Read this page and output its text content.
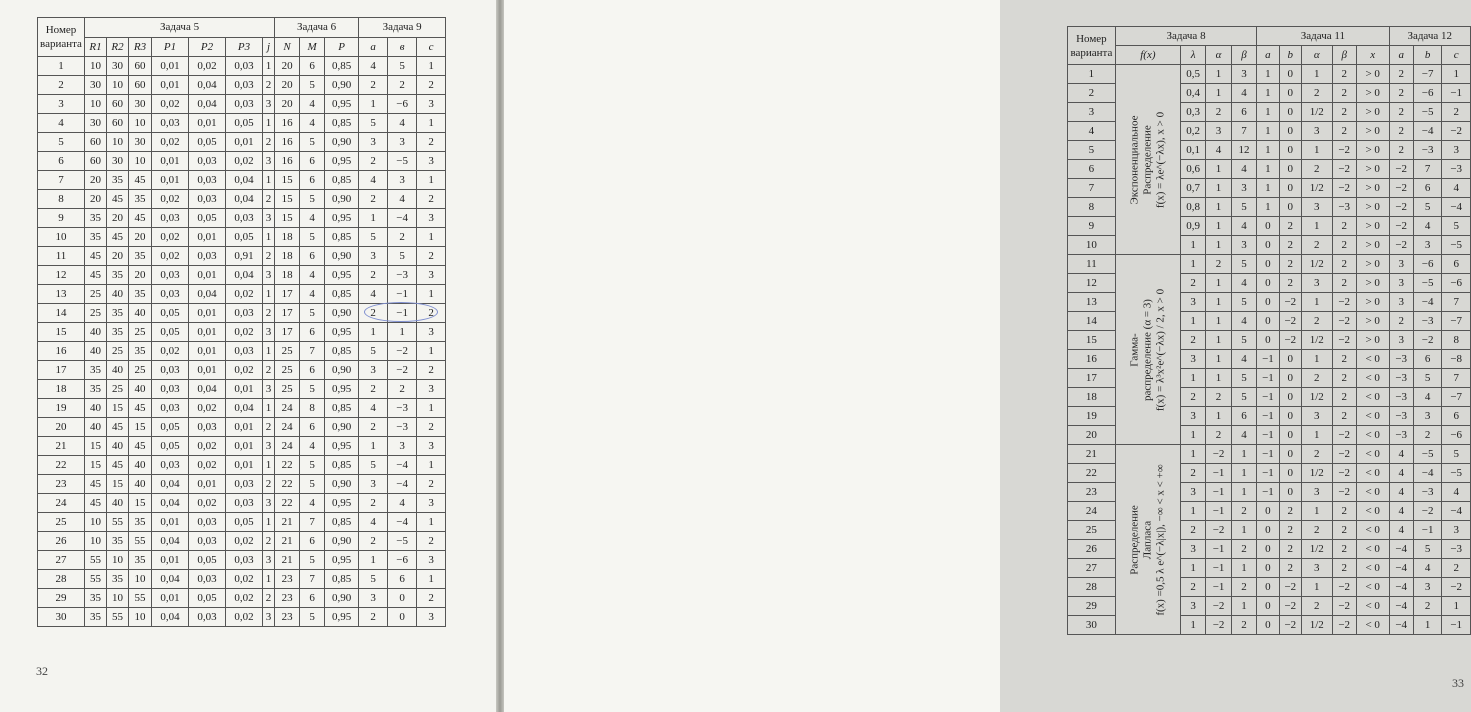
Номер варианта	Задача 5							Задача 6			Задача 9		
	R1	R2	R3	P1	P2	P3	j	N	M	P	a	в	c
1	10	30	60	0,01	0,02	0,03	1	20	6	0,85	4	5	1
2	30	10	60	0,01	0,04	0,03	2	20	5	0,90	2	2	2
3	10	60	30	0,02	0,04	0,03	3	20	4	0,95	1	−6	3
4	30	60	10	0,03	0,01	0,05	1	16	4	0,85	5	4	1
5	60	10	30	0,02	0,05	0,01	2	16	5	0,90	3	3	2
6	60	30	10	0,01	0,03	0,02	3	16	6	0,95	2	−5	3
7	20	35	45	0,01	0,03	0,04	1	15	6	0,85	4	3	1
8	20	45	35	0,02	0,03	0,04	2	15	5	0,90	2	4	2
9	35	20	45	0,03	0,05	0,03	3	15	4	0,95	1	−4	3
10	35	45	20	0,02	0,01	0,05	1	18	5	0,85	5	2	1
11	45	20	35	0,02	0,03	0,91	2	18	6	0,90	3	5	2
12	45	35	20	0,03	0,01	0,04	3	18	4	0,95	2	−3	3
13	25	40	35	0,03	0,04	0,02	1	17	4	0,85	4	−1	1
14	25	35	40	0,05	0,01	0,03	2	17	5	0,90	2	−1	2
15	40	35	25	0,05	0,01	0,02	3	17	6	0,95	1	1	3
16	40	25	35	0,02	0,01	0,03	1	25	7	0,85	5	−2	1
17	35	40	25	0,03	0,01	0,02	2	25	6	0,90	3	−2	2
18	35	25	40	0,03	0,04	0,01	3	25	5	0,95	2	2	3
19	40	15	45	0,03	0,02	0,04	1	24	8	0,85	4	−3	1
20	40	45	15	0,05	0,03	0,01	2	24	6	0,90	2	−3	2
21	15	40	45	0,05	0,02	0,01	3	24	4	0,95	1	3	3
22	15	45	40	0,03	0,02	0,01	1	22	5	0,85	5	−4	1
23	45	15	40	0,04	0,01	0,03	2	22	5	0,90	3	−4	2
24	45	40	15	0,04	0,02	0,03	3	22	4	0,95	2	4	3
25	10	55	35	0,01	0,03	0,05	1	21	7	0,85	4	−4	1
26	10	35	55	0,04	0,03	0,02	2	21	6	0,90	2	−5	2
27	55	10	35	0,01	0,05	0,03	3	21	5	0,95	1	−6	3
28	55	35	10	0,04	0,03	0,02	1	23	7	0,85	5	6	1
29	35	10	55	0,01	0,05	0,02	2	23	6	0,90	3	0	2
30	35	55	10	0,04	0,03	0,02	3	23	5	0,95	2	0	3
32
Номер варианта	Задача 8				Задача 11					Задача 12		
	f(x)	λ	α	β	a	b	α	β	x	a	b	c
1	Экспоненциальное Распределение f(x) = λe^(−λx), x > 0	0,5	1	3	1	0	1	2	> 0	2	−7	1
2		0,4	1	4	1	0	2	2	> 0	2	−6	−1
3		0,3	2	6	1	0	1/2	2	> 0	2	−5	2
4		0,2	3	7	1	0	3	2	> 0	2	−4	−2
5		0,1	4	12	1	0	1	−2	> 0	2	−3	3
6		0,6	1	4	1	0	2	−2	> 0	−2	7	−3
7		0,7	1	3	1	0	1/2	−2	> 0	−2	6	4
8		0,8	1	5	1	0	3	−3	> 0	−2	5	−4
9		0,9	1	4	0	2	1	2	> 0	−2	4	5
10		1	1	3	0	2	2	2	> 0	−2	3	−5
11	Гамма- распределение (α = 3) f(x) = λ³x²e^(−λx) / 2, x > 0	1	2	5	0	2	1/2	2	> 0	3	−6	6
12		2	1	4	0	2	3	2	> 0	3	−5	−6
13		3	1	5	0	−2	1	−2	> 0	3	−4	7
14		1	1	4	0	−2	2	−2	> 0	2	−3	−7
15		2	1	5	0	−2	1/2	−2	> 0	3	−2	8
16		3	1	4	−1	0	1	2	< 0	−3	6	−8
17		1	1	5	−1	0	2	2	< 0	−3	5	7
18		2	2	5	−1	0	1/2	2	< 0	−3	4	−7
19		3	1	6	−1	0	3	2	< 0	−3	3	6
20		1	2	4	−1	0	1	−2	< 0	−3	2	−6
21	Распределение Лапласа f(x) =0,5 λ e^(−λ|x|), −∞ < x < +∞	1	−2	1	−1	0	2	−2	< 0	4	−5	5
22		2	−1	1	−1	0	1/2	−2	< 0	4	−4	−5
23		3	−1	1	−1	0	3	−2	< 0	4	−3	4
24		1	−1	2	0	2	1	2	< 0	4	−2	−4
25		2	−2	1	0	2	2	2	< 0	4	−1	3
26		3	−1	2	0	2	1/2	2	< 0	−4	5	−3
27		1	−1	1	0	2	3	2	< 0	−4	4	2
28		2	−1	2	0	−2	1	−2	< 0	−4	3	−2
29		3	−2	1	0	−2	2	−2	< 0	−4	2	1
30		1	−2	2	0	−2	1/2	−2	< 0	−4	1	−1
33
